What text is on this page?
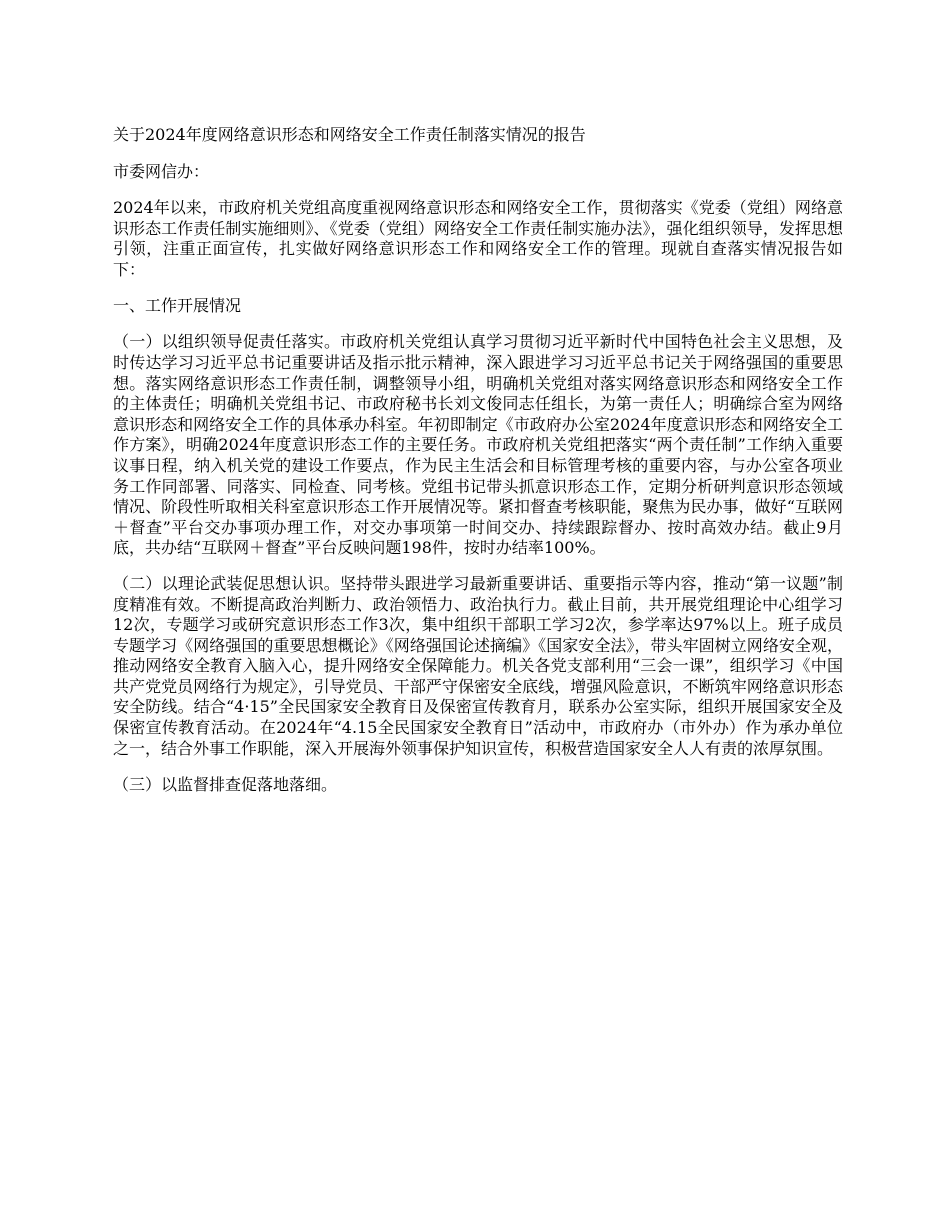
关于2024年度网络意识形态和网络安全工作责任制落实情况的报告
市委网信办：
2024年以来，市政府机关党组高度重视网络意识形态和网络安全工作，贯彻落实《党委（党组）网络意识形态工作责任制实施细则》、《党委（党组）网络安全工作责任制实施办法》，强化组织领导，发挥思想引领，注重正面宣传，扎实做好网络意识形态工作和网络安全工作的管理。现就自查落实情况报告如下：
一、工作开展情况
（一）以组织领导促责任落实。市政府机关党组认真学习贯彻习近平新时代中国特色社会主义思想，及时传达学习习近平总书记重要讲话及指示批示精神，深入跟进学习习近平总书记关于网络强国的重要思想。落实网络意识形态工作责任制，调整领导小组，明确机关党组对落实网络意识形态和网络安全工作的主体责任；明确机关党组书记、市政府秘书长刘文俊同志任组长，为第一责任人；明确综合室为网络意识形态和网络安全工作的具体承办科室。年初即制定《市政府办公室2024年度意识形态和网络安全工作方案》，明确2024年度意识形态工作的主要任务。市政府机关党组把落实“两个责任制”工作纳入重要议事日程，纳入机关党的建设工作要点，作为民主生活会和目标管理考核的重要内容，与办公室各项业务工作同部署、同落实、同检查、同考核。党组书记带头抓意识形态工作，定期分析研判意识形态领域情况、阶段性听取相关科室意识形态工作开展情况等。紧扣督查考核职能，聚焦为民办事，做好“互联网＋督查”平台交办事项办理工作，对交办事项第一时间交办、持续跟踪督办、按时高效办结。截止9月底，共办结“互联网＋督查”平台反映问题198件，按时办结率100%。
（二）以理论武装促思想认识。坚持带头跟进学习最新重要讲话、重要指示等内容，推动“第一议题”制度精准有效。不断提高政治判断力、政治领悟力、政治执行力。截止目前，共开展党组理论中心组学习12次，专题学习或研究意识形态工作3次，集中组织干部职工学习2次，参学率达97%以上。班子成员专题学习《网络强国的重要思想概论》《网络强国论述摘编》《国家安全法》，带头牢固树立网络安全观，推动网络安全教育入脑入心，提升网络安全保障能力。机关各党支部利用“三会一课”，组织学习《中国共产党党员网络行为规定》，引导党员、干部严守保密安全底线，增强风险意识，不断筑牢网络意识形态安全防线。结合“4·15”全民国家安全教育日及保密宣传教育月，联系办公室实际，组织开展国家安全及保密宣传教育活动。在2024年“4.15全民国家安全教育日”活动中，市政府办（市外办）作为承办单位之一，结合外事工作职能，深入开展海外领事保护知识宣传，积极营造国家安全人人有责的浓厚氛围。
（三）以监督排查促落地落细。
